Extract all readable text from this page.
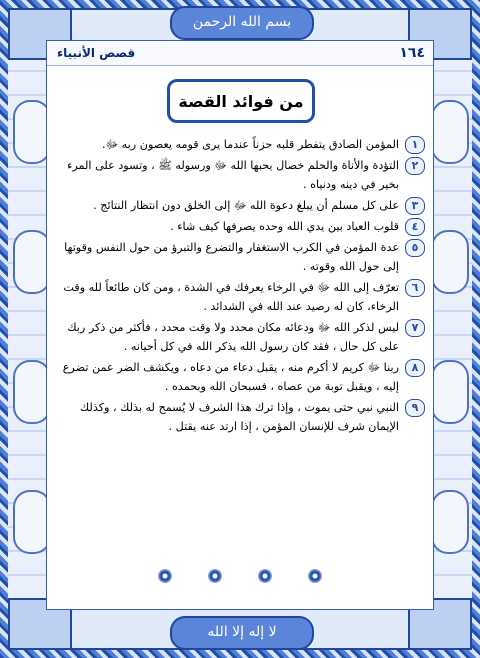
بسم الله الرحمن
لا إله إلا الله
١٦٤
قصص الأنبياء
من فوائد القصة
١
المؤمن الصادق يتفطر قلبه حزناً عندما يرى قومه يعصون ربه ﷻ.
٢
التؤدة والأناة والحلم خصال يحبها الله ﷻ ورسوله ﷺ ، وتسود على المرء بخير في دينه ودنياه .
٣
على كل مسلم أن يبلغ دعوة الله ﷻ إلى الخلق دون انتظار النتائج .
٤
قلوب العباد بين يدي الله وحده يصرفها كيف شاء .
٥
عدة المؤمن في الكرب الاستغفار والتضرع والتبرؤ من حول النفس وقوتها إلى حول الله وقوته .
٦
تعرّف إلى الله ﷻ في الرخاء يعرفك في الشدة ، ومن كان طائعاً لله وقت الرخاء، كان له رصيد عند الله في الشدائد .
٧
ليس لذكر الله ﷻ ودعائه مكان محدد ولا وقت محدد ، فأكثر من ذكر ربك على كل حال ، فقد كان رسول الله يذكر الله في كل أحيانه .
٨
ربنا ﷻ كريم لا أكرم منه ، يقبل دعاء من دعاه ، ويكشف الضر عمن تضرع إليه ، ويقبل توبة من عصاه ، فسبحان الله وبحمده .
٩
النبي نبي حتى يموت ، وإذا ترك هذا الشرف لا يُسمح له بذلك ، وكذلك الإيمان شرف للإنسان المؤمن ، إذا ارتد عنه يقتل .
